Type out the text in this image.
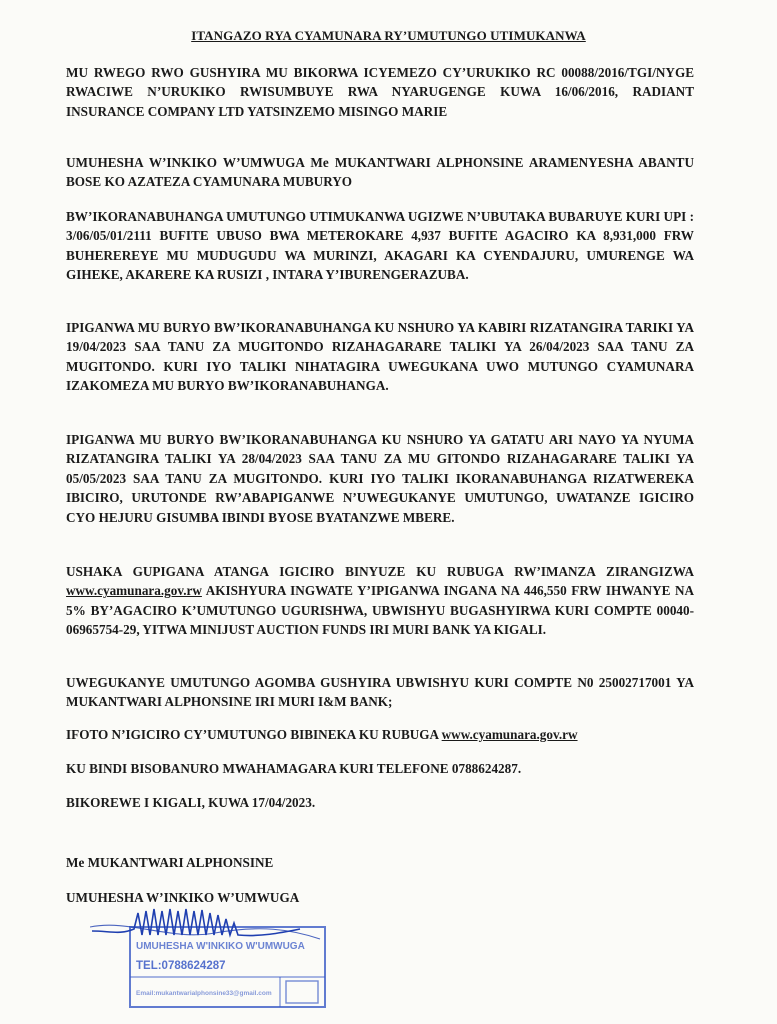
ITANGAZO RYA CYAMUNARA RY’UMUTUNGO UTIMUKANWA

MU RWEGO RWO GUSHYIRA MU BIKORWA ICYEMEZO CY’URUKIKO RC 00088/2016/TGI/NYGE RWACIWE N’URUKIKO RWISUMBUYE RWA NYARUGENGE KUWA 16/06/2016, RADIANT INSURANCE COMPANY LTD YATSINZEMO MISINGO MARIE

UMUHESHA W’INKIKO W’UMWUGA Me MUKANTWARI ALPHONSINE ARAMENYESHA ABANTU BOSE KO AZATEZA CYAMUNARA MUBURYO

BW’IKORANABUHANGA UMUTUNGO UTIMUKANWA UGIZWE N’UBUTAKA BUBARUYE KURI UPI : 3/06/05/01/2111 BUFITE UBUSO BWA METEROKARE 4,937 BUFITE AGACIRO KA 8,931,000 FRW BUHEREREYE MU MUDUGUDU WA MURINZI, AKAGARI KA CYENDAJURU, UMURENGE WA GIHEKE, AKARERE KA RUSIZI , INTARA Y’IBURENGERAZUBA.

IPIGANWA MU BURYO BW’IKORANABUHANGA KU NSHURO YA KABIRI RIZATANGIRA TARIKI YA 19/04/2023 SAA TANU ZA MUGITONDO RIZAHAGARARE TALIKI YA 26/04/2023 SAA TANU ZA MUGITONDO. KURI IYO TALIKI NIHATAGIRA UWEGUKANA UWO MUTUNGO CYAMUNARA IZAKOMEZA MU BURYO BW’IKORANABUHANGA.

IPIGANWA MU BURYO BW’IKORANABUHANGA KU NSHURO YA GATATU ARI NAYO YA NYUMA RIZATANGIRA TALIKI YA 28/04/2023 SAA TANU ZA MU GITONDO RIZAHAGARARE TALIKI YA 05/05/2023 SAA TANU ZA MUGITONDO. KURI IYO TALIKI IKORANABUHANGA RIZATWEREKA IBICIRO, URUTONDE RW’ABAPIGANWE N’UWEGUKANYE UMUTUNGO, UWATANZE IGICIRO CYO HEJURU GISUMBA IBINDI BYOSE BYATANZWE MBERE.

USHAKA GUPIGANA ATANGA IGICIRO BINYUZE KU RUBUGA RW’IMANZA ZIRANGIZWA www.cyamunara.gov.rw AKISHYURA INGWATE Y’IPIGANWA INGANA NA 446,550 FRW IHWANYE NA 5% BY’AGACIRO K’UMUTUNGO UGURISHWA, UBWISHYU BUGASHYIRWA KURI COMPTE 00040-06965754-29, YITWA MINIJUST AUCTION FUNDS IRI MURI BANK YA KIGALI.

UWEGUKANYE UMUTUNGO AGOMBA GUSHYIRA UBWISHYU KURI COMPTE N0 25002717001 YA MUKANTWARI ALPHONSINE IRI MURI I&M BANK;

IFOTO N’IGICIRO CY’UMUTUNGO BIBINEKA KU RUBUGA www.cyamunara.gov.rw

KU BINDI BISOBANURO MWAHAMAGARA KURI TELEFONE 0788624287.

BIKOREWE I KIGALI, KUWA 17/04/2023.

Me MUKANTWARI ALPHONSINE
UMUHESHA W’INKIKO W’UMWUGA
UMUHESHA W'INKIKO W'UMWUGA
TEL:0788624287
Email:mukantwarialphonsine33@gmail.com
